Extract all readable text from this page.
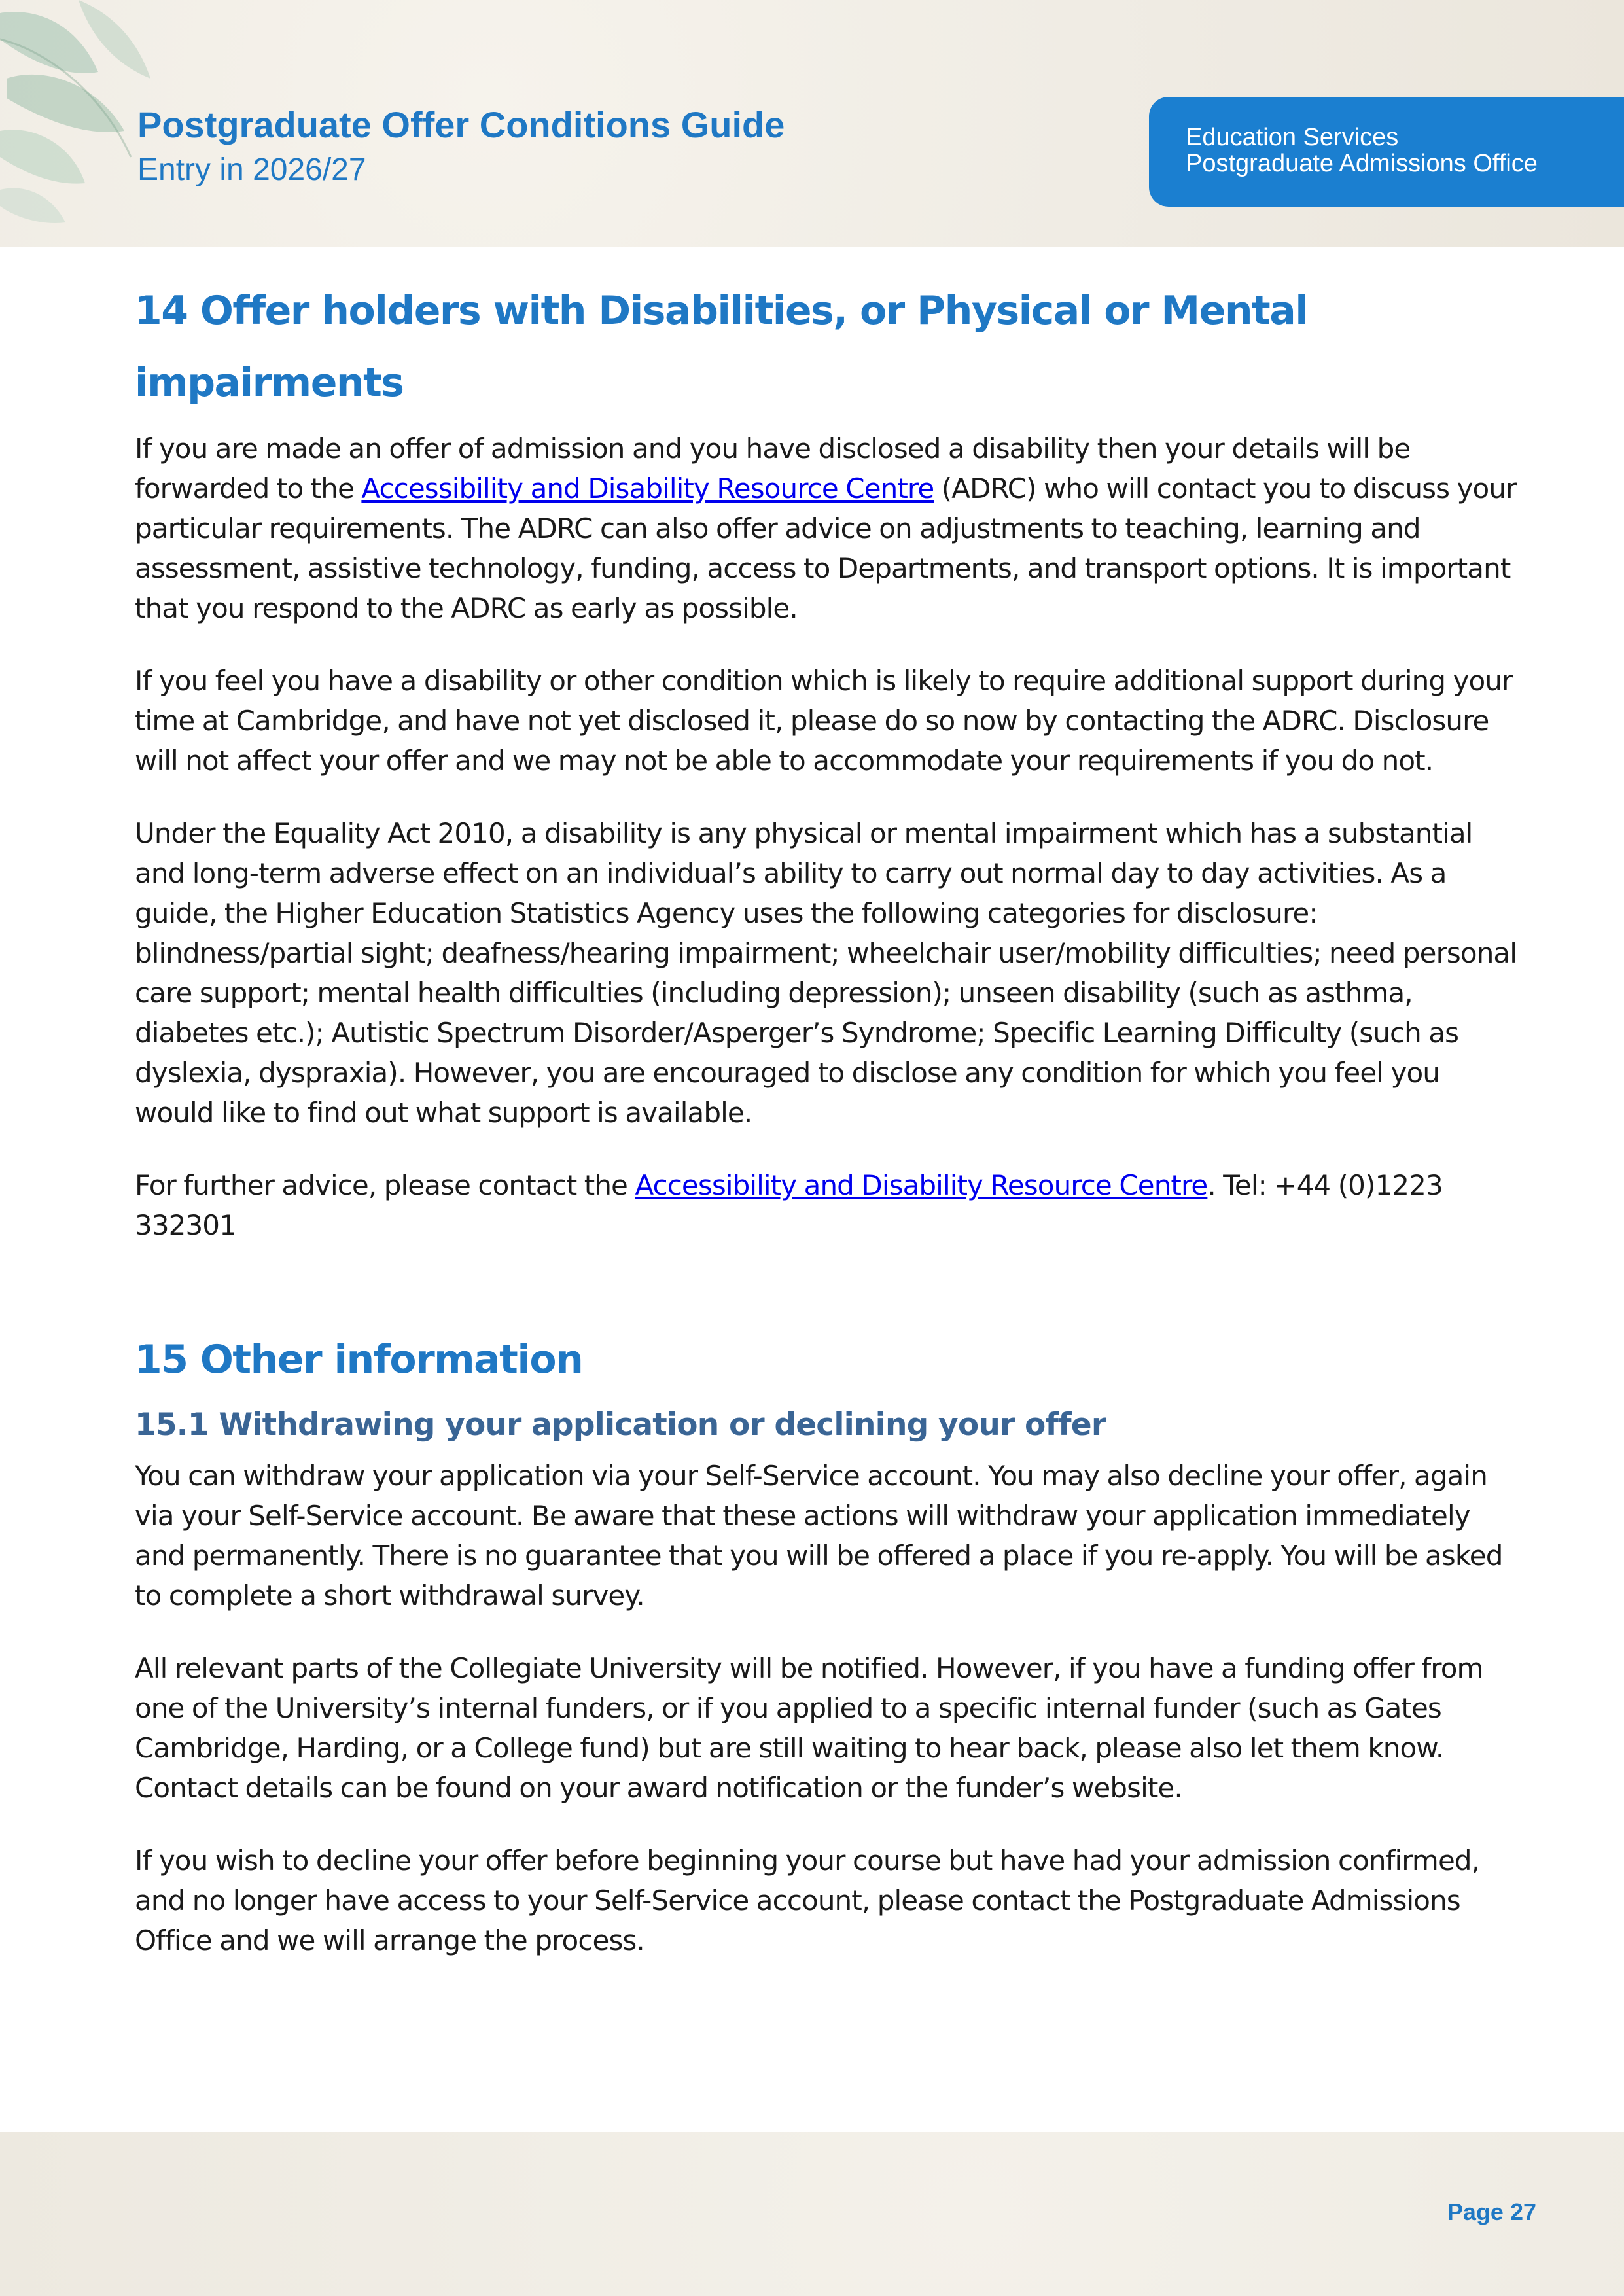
Postgraduate Offer Conditions Guide
Entry in 2026/27
Education Services
Postgraduate Admissions Office
14 Offer holders with Disabilities, or Physical or Mental impairments

If you are made an offer of admission and you have disclosed a disability then your details will be forwarded to the Accessibility and Disability Resource Centre (ADRC) who will contact you to discuss your particular requirements. The ADRC can also offer advice on adjustments to teaching, learning and assessment, assistive technology, funding, access to Departments, and transport options. It is important that you respond to the ADRC as early as possible.

If you feel you have a disability or other condition which is likely to require additional support during your time at Cambridge, and have not yet disclosed it, please do so now by contacting the ADRC. Disclosure will not affect your offer and we may not be able to accommodate your requirements if you do not.

Under the Equality Act 2010, a disability is any physical or mental impairment which has a substantial and long-term adverse effect on an individual’s ability to carry out normal day to day activities. As a guide, the Higher Education Statistics Agency uses the following categories for disclosure: blindness/partial sight; deafness/hearing impairment; wheelchair user/mobility difficulties; need personal care support; mental health difficulties (including depression); unseen disability (such as asthma, diabetes etc.); Autistic Spectrum Disorder/Asperger’s Syndrome; Specific Learning Difficulty (such as dyslexia, dyspraxia). However, you are encouraged to disclose any condition for which you feel you would like to find out what support is available.

For further advice, please contact the Accessibility and Disability Resource Centre. Tel: +44 (0)1223 332301

15 Other information
15.1 Withdrawing your application or declining your offer

You can withdraw your application via your Self-Service account. You may also decline your offer, again via your Self-Service account. Be aware that these actions will withdraw your application immediately and permanently. There is no guarantee that you will be offered a place if you re-apply. You will be asked to complete a short withdrawal survey.

All relevant parts of the Collegiate University will be notified. However, if you have a funding offer from one of the University’s internal funders, or if you applied to a specific internal funder (such as Gates Cambridge, Harding, or a College fund) but are still waiting to hear back, please also let them know. Contact details can be found on your award notification or the funder’s website.

If you wish to decline your offer before beginning your course but have had your admission confirmed, and no longer have access to your Self-Service account, please contact the Postgraduate Admissions Office and we will arrange the process.

Page 27
